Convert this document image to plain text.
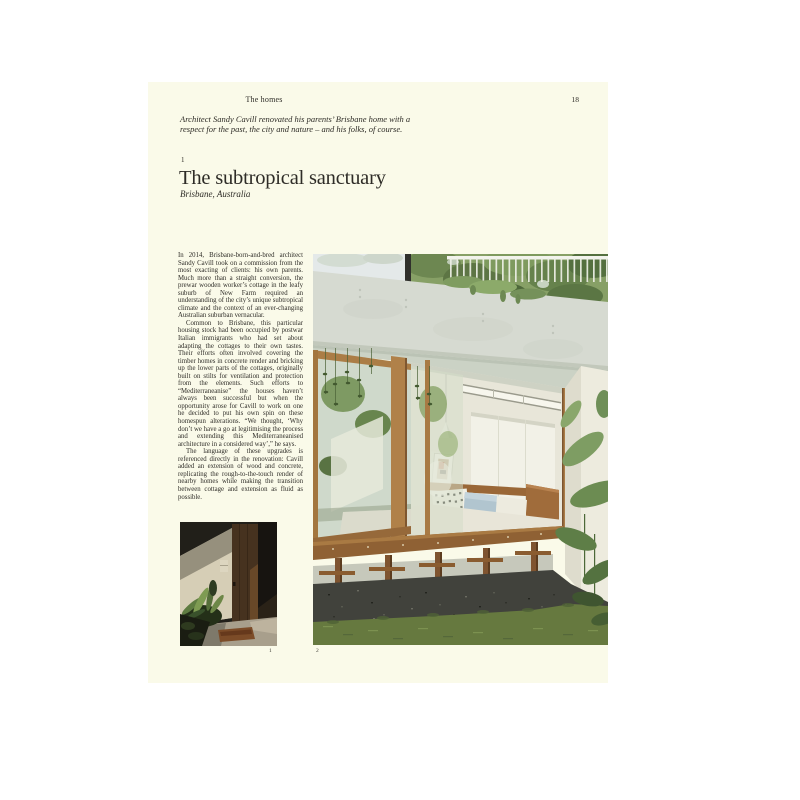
The homes	18
Architect Sandy Cavill renovated his parents’ Brisbane home with a respect for the past, the city and nature – and his folks, of course.
1
The subtropical sanctuary
Brisbane, Australia

In 2014, Brisbane-born-and-bred architect Sandy Cavill took on a commission from the most exacting of clients: his own parents. Much more than a straight conversion, the prewar wooden worker’s cottage in the leafy suburb of New Farm required an understanding of the city’s unique subtropical climate and the context of an ever-changing Australian suburban vernacular.

Common to Brisbane, this particular housing stock had been occupied by postwar Italian immigrants who had set about adapting the cottages to their own tastes. Their efforts often involved covering the timber homes in concrete render and bricking up the lower parts of the cottages, originally built on stilts for ventilation and protection from the elements. Such efforts to “Mediterraneanise” the houses haven’t always been successful but when the opportunity arose for Cavill to work on one he decided to put his own spin on these homespun alterations. “We thought, ‘Why don’t we have a go at legitimising the process and extending this Mediterraneanised architecture in a considered way’,” he says.

The language of these upgrades is referenced directly in the renovation: Cavill added an extension of wood and concrete, replicating the rough-to-the-touch render of nearby homes while making the transition between cottage and extension as fluid as possible.

1	2
